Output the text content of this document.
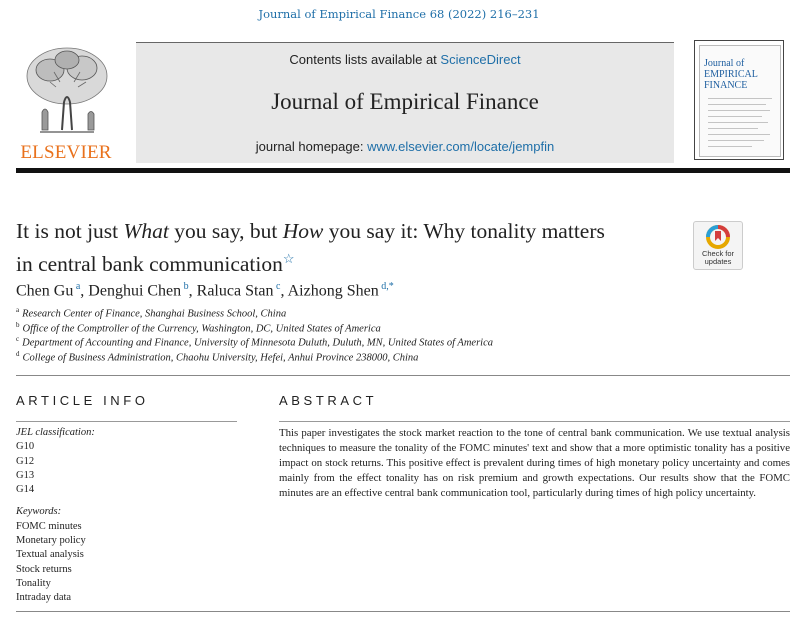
Journal of Empirical Finance 68 (2022) 216–231
ELSEVIER
Contents lists available at ScienceDirect
Journal of Empirical Finance
journal homepage: www.elsevier.com/locate/jempfin
Journal of
EMPIRICAL
FINANCE
It is not just What you say, but How you say it: Why tonality matters
in central bank communication☆	Check for
updates
Chen Gu $^a$, Denghui Chen $^b$, Raluca Stan $^c$, Aizhong Shen $^{d,*}$
$^a$ Research Center of Finance, Shanghai Business School, China
$^b$ Office of the Comptroller of the Currency, Washington, DC, United States of America
$^c$ Department of Accounting and Finance, University of Minnesota Duluth, Duluth, MN, United States of America
$^d$ College of Business Administration, Chaohu University, Hefei, Anhui Province 238000, China
ARTICLE INFO
JEL classification:
G10
G12
G13
G14
Keywords:
FOMC minutes
Monetary policy
Textual analysis
Stock returns
Tonality
Intraday data
ABSTRACT
This paper investigates the stock market reaction to the tone of central bank communication. We use textual analysis techniques to measure the tonality of the FOMC minutes' text and show that a more optimistic tonality has a positive impact on stock returns. This positive effect is prevalent during times of high monetary policy uncertainty and comes mainly from the effect tonality has on risk premium and growth expectations. Our results show that the FOMC minutes are an effective central bank communication tool, particularly during times of high policy uncertainty.
